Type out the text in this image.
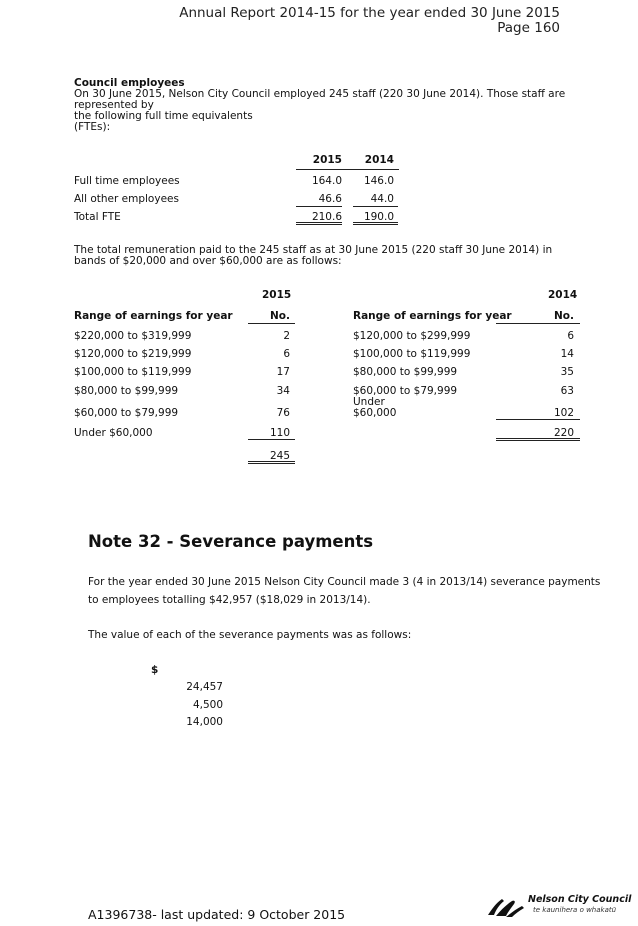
Annual Report 2014-15 for the year ended 30 June 2015
Page 160
Council employees
On 30 June 2015, Nelson City Council employed 245 staff (220 30 June 2014). Those staff are
represented by
the following full time equivalents
(FTEs):
2015	2014
Full time employees	164.0	146.0
All other employees	46.6	44.0
Total FTE	210.6	190.0
The total remuneration paid to the 245 staff as at 30 June 2015 (220 staff 30 June 2014) in
bands of $20,000 and over $60,000 are as follows:
2015
Range of earnings for year	No.
$220,000 to $319,999	2
$120,000 to $219,999	6
$100,000 to $119,999	17
$80,000 to $99,999	34
$60,000 to $79,999	76
Under $60,000	110
245
2014
Range of earnings for year	No.
$120,000 to $299,999	6
$100,000 to $119,999	14
$80,000 to $99,999	35
$60,000 to $79,999	63
Under
$60,000	102
220
Note 32 - Severance payments
For the year ended 30 June 2015 Nelson City Council made 3 (4 in 2013/14) severance payments
to employees totalling $42,957 ($18,029 in 2013/14).
The value of each of the severance payments was as follows:
$
24,457
4,500
14,000
A1396738- last updated: 9 October 2015
Nelson City Council
te kaunihera o whakatū
